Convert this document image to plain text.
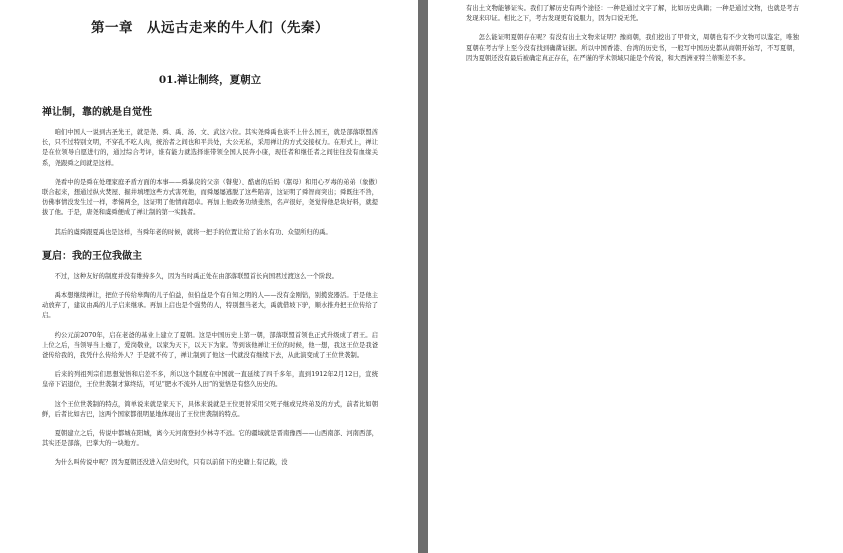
第一章　从远古走来的牛人们（先秦）
01.禅让制终，夏朝立
禅让制，靠的就是自觉性

咱们中国人一说到古圣先王，就是尧、舜、禹、汤、文、武这六位。其实尧舜禹也谈不上什么国王，就是部落联盟酋长，只不过特别文明，不穿孔不吃人肉，统治者之间也和平共处，大公无私，采用禅让的方式交接权力。在形式上，禅让是在位领导自愿进行的，通过综合考评，谁有能力就选择谁带领全国人民奔小康，现任者和继任者之间往往没有血缘关系，尧跟舜之间就是这样。

尧看中的是舜在处理家庭矛盾方面的本事——舜暴戾的父亲（瞽叟）、酷虐的后妈（嚚母）和用心歹毒的弟弟（象傲）联合起来，想通过纵火焚屋、掘井填埋这些方式害死他，而舜屡屡逃脱了这些陷害，这证明了舜智商突出；舜既往不咎，仿佛事情没发生过一样，孝悌两全，这证明了他情商超卓。再加上他政务功绩斐然，名声很好，尧觉得他是块好料，就提拔了他。于是，唐尧和虞舜便成了禅让制的第一实践者。

其后的虞舜跟夏禹也是这样，当舜年老的时候，就将一把手的位置让给了治水有功、众望所归的禹。

夏启：我的王位我做主

不过，这种友好的制度并没有维持多久，因为当时禹正处在由部落联盟首长向国君过渡这么一个阶段。

禹本想继续禅让，把位子传给皋陶的儿子伯益，但伯益是个有自知之明的人——没有金刚钻，别揽瓷器活。于是他主动放弃了，建议由禹的儿子启来继承。再加上启也是个强势的人，特别想当老大，禹就借坡下驴，顺水推舟把王位传给了启。

约公元前2070年，启在老爸的基业上建立了夏朝。这是中国历史上第一朝，部落联盟首领也正式升级成了君王。启上位之后，当领导当上瘾了，爱岗敬业，以家为天下，以天下为家。等到该他禅让王位的时候，他一想，我这王位是我爸爸传给我的，我凭什么传给外人？于是就不传了，禅让制到了他这一代就没有继续下去，从此演变成了王位世袭制。

后来的列祖列宗们思想觉悟和启差不多，所以这个制度在中国就一直延续了四千多年，直到1912年2月12日，宣统皇帝下诏退位，王位世袭制才算终结，可见“肥水不流外人田”的觉悟是有悠久历史的。

这个王位世袭制的特点，简单说来就是家天下，具体来说就是王位更替采用父死子继或兄终弟及的方式，前者比如朝鲜，后者比如古巴，这两个国家都很明显地体现出了王位世袭制的特点。

夏朝建立之后，传说中都城在阳城，离今天河南登封少林寺不远。它的疆域就是晋南豫西——山西南部、河南西部，其实还是部落，巴掌大的一块地方。

为什么叫传说中呢？因为夏朝还没进入信史时代，只有以前留下的史籍上有记载，没

有出土文物能够证实。我们了解历史有两个途径：一种是通过文字了解，比如历史典籍；一种是通过文物，也就是考古发现来印证。相比之下，考古发现更有说服力，因为口说无凭。

怎么能证明夏朝存在呢？有没有出土文物来证明？豫商朝，我们挖出了甲骨文，周朝也有不少文物可以鉴定，唯独夏朝在考古学上至今没有找到确凿证据。所以中国香港、台湾的历史书，一般写中国历史都从商朝开始写，不写夏朝，因为夏朝还没有最后被确定真正存在，在严谨的学术领域只能是个传说，和大西洲亚特兰蒂斯差不多。
